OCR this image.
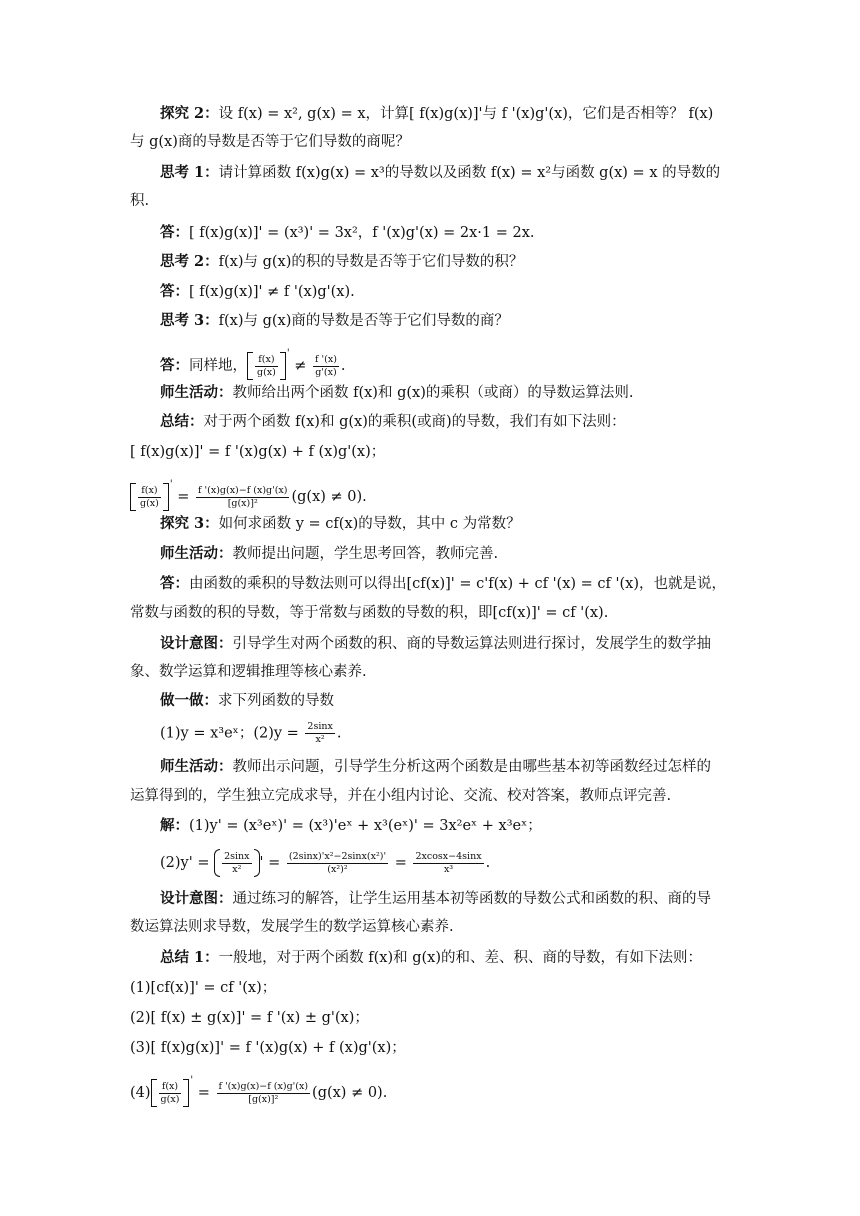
探究 2：设 f(x) = x², g(x) = x，计算[ f(x)g(x)]'与 f '(x)g'(x)，它们是否相等？ f(x)
与 g(x)商的导数是否等于它们导数的商呢？
思考 1：请计算函数 f(x)g(x) = x³的导数以及函数 f(x) = x²与函数 g(x) = x 的导数的
积.
答：[ f(x)g(x)]' = (x³)' = 3x²，f '(x)g'(x) = 2x·1 = 2x.
思考 2：f(x)与 g(x)的积的导数是否等于它们导数的积？
答：[ f(x)g(x)]' ≠ f '(x)g'(x).
思考 3：f(x)与 g(x)商的导数是否等于它们导数的商？
答：同样地， $\frac{f(x)}{g(x)} ' \ne \frac{f '(x)}{g'(x)}$ .
师生活动：教师给出两个函数 f(x)和 g(x)的乘积（或商）的导数运算法则.
总结：对于两个函数 f(x)和 g(x)的乘积(或商)的导数，我们有如下法则：
[ f(x)g(x)]' = f '(x)g(x) + f (x)g'(x)；
$\frac{f(x)}{g(x)} ' = \frac{f '(x)g(x)-f (x)g'(x)}{\text{[g(x)]²}} (g(x) \ne 0)$.
探究 3：如何求函数 y = cf(x)的导数，其中 c 为常数？
师生活动：教师提出问题，学生思考回答，教师完善.
答：由函数的乘积的导数法则可以得出[cf(x)]' = c'f(x) + cf '(x) = cf '(x)，也就是说，
常数与函数的积的导数，等于常数与函数的导数的积，即[cf(x)]' = cf '(x).
设计意图：引导学生对两个函数的积、商的导数运算法则进行探讨，发展学生的数学抽
象、数学运算和逻辑推理等核心素养.
做一做：求下列函数的导数
(1)y = x³eˣ；$(2)y = \frac{2\sin x}{\text{x²}}$ .
师生活动：教师出示问题，引导学生分析这两个函数是由哪些基本初等函数经过怎样的
运算得到的，学生独立完成求导，并在小组内讨论、交流、校对答案，教师点评完善.
解：(1)y' = (x³eˣ)' = (x³)'eˣ + x³(eˣ)' = 3x²eˣ + x³eˣ；
$(2)y' = \frac{2\sin x}{\text{x²}}$ ' = $\frac{\text{(2sinx)'x²−2sinx(x²)'}}{\text{(x²)²}} = \frac{2xcosx-4\sin x}{\text{x³}}$ .
设计意图：通过练习的解答，让学生运用基本初等函数的导数公式和函数的积、商的导
数运算法则求导数，发展学生的数学运算核心素养.
总结 1：一般地，对于两个函数 f(x)和 g(x)的和、差、积、商的导数，有如下法则：
(1)[cf(x)]' = cf '(x)；
(2)[ f(x) ± g(x)]' = f '(x) ± g'(x)；
(3)[ f(x)g(x)]' = f '(x)g(x) + f (x)g'(x)；
$(4) \frac{f(x)}{g(x)} ' = \frac{f '(x)g(x)-f (x)g'(x)}{\text{[g(x)]²}} (g(x) \ne 0)$.
